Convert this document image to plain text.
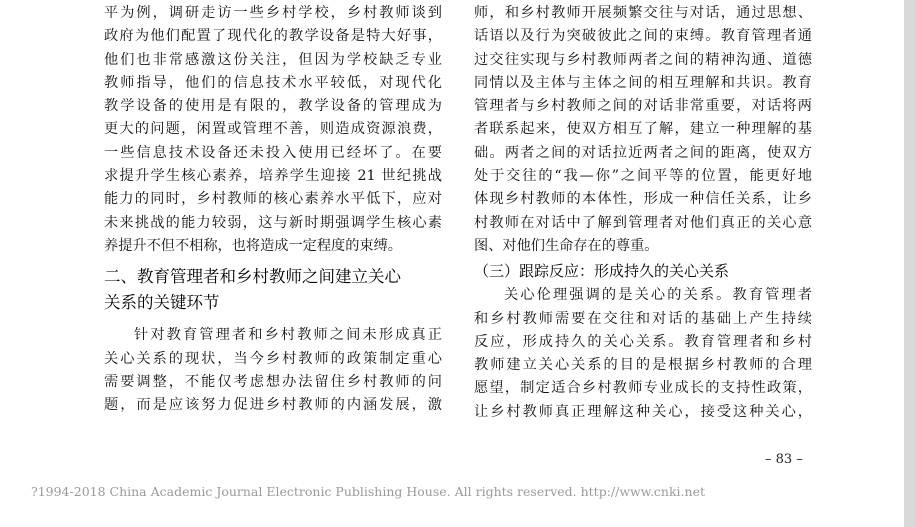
平为例，调研走访一些乡村学校，乡村教师谈到
政府为他们配置了现代化的教学设备是特大好事，
他们也非常感激这份关注，但因为学校缺乏专业
教师指导，他们的信息技术水平较低，对现代化
教学设备的使用是有限的，教学设备的管理成为
更大的问题，闲置或管理不善，则造成资源浪费，
一些信息技术设备还未投入使用已经坏了。在要
求提升学生核心素养，培养学生迎接 21 世纪挑战
能力的同时，乡村教师的核心素养水平低下，应对
未来挑战的能力较弱，这与新时期强调学生核心素
养提升不但不相称，也将造成一定程度的束缚。
二、教育管理者和乡村教师之间建立关心
关系的关键环节
针对教育管理者和乡村教师之间未形成真正
关心关系的现状，当今乡村教师的政策制定重心
需要调整，不能仅考虑想办法留住乡村教师的问
题，而是应该努力促进乡村教师的内涵发展，激
师，和乡村教师开展频繁交往与对话，通过思想、
话语以及行为突破彼此之间的束缚。教育管理者通
过交往实现与乡村教师两者之间的精神沟通、道德
同情以及主体与主体之间的相互理解和共识。教育
管理者与乡村教师之间的对话非常重要，对话将两
者联系起来，使双方相互了解，建立一种理解的基
础。两者之间的对话拉近两者之间的距离，使双方
处于交往的“我—你”之间平等的位置，能更好地
体现乡村教师的本体性，形成一种信任关系，让乡
村教师在对话中了解到管理者对他们真正的关心意
图、对他们生命存在的尊重。
（三）跟踪反应：形成持久的关心关系
关心伦理强调的是关心的关系。教育管理者
和乡村教师需要在交往和对话的基础上产生持续
反应，形成持久的关心关系。教育管理者和乡村
教师建立关心关系的目的是根据乡村教师的合理
愿望，制定适合乡村教师专业成长的支持性政策，
让乡村教师真正理解这种关心，接受这种关心，
– 83 –
?1994-2018 China Academic Journal Electronic Publishing House. All rights reserved. http://www.cnki.net
